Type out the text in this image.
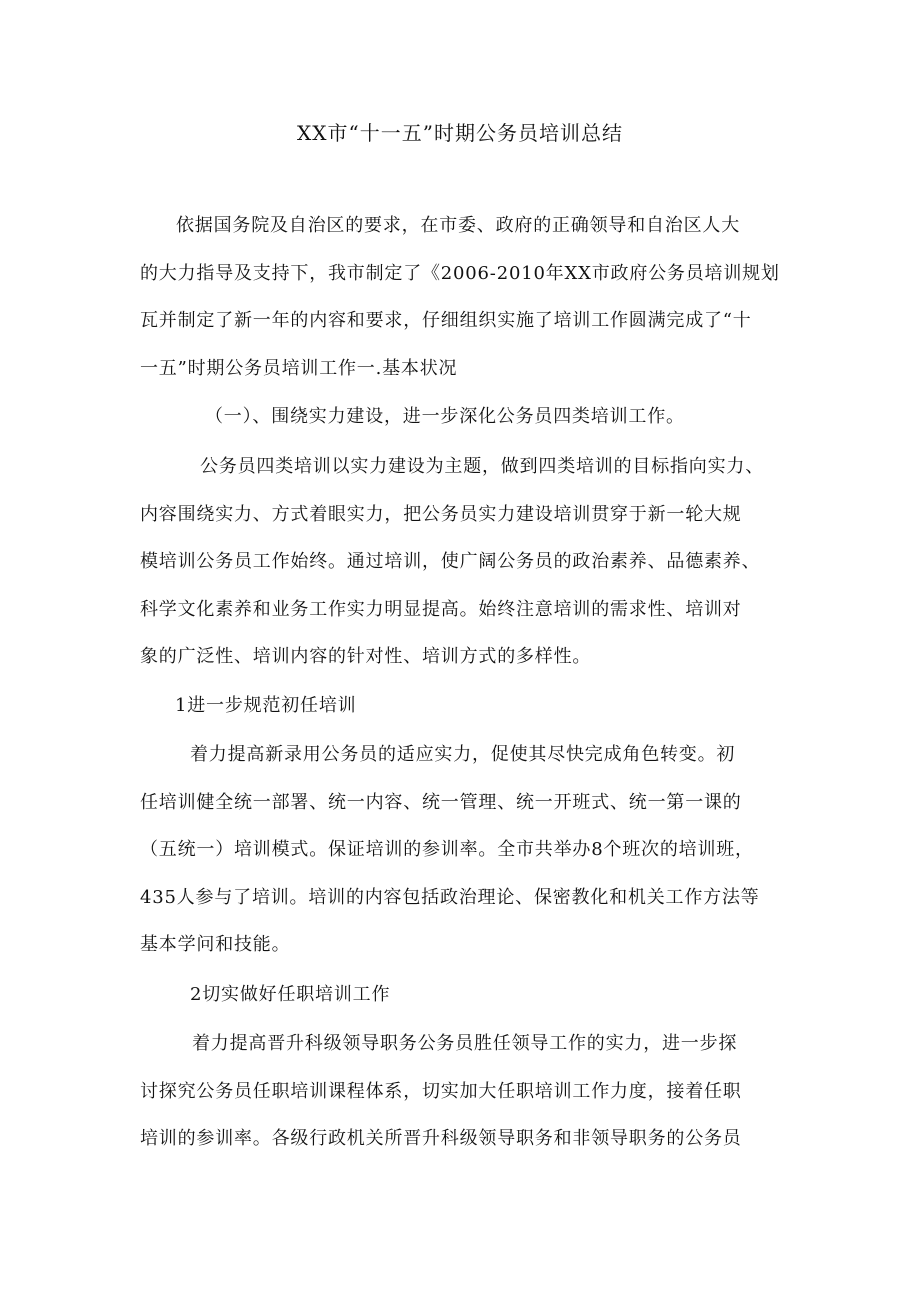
XX市“十一五”时期公务员培训总结
依据国务院及自治区的要求，在市委、政府的正确领导和自治区人大
的大力指导及支持下，我市制定了《2006-2010年XX市政府公务员培训规划
瓦并制定了新一年的内容和要求，仔细组织实施了培训工作圆满完成了“十
一五”时期公务员培训工作一.基本状况
（一）、围绕实力建设，进一步深化公务员四类培训工作。
公务员四类培训以实力建设为主题，做到四类培训的目标指向实力、
内容围绕实力、方式着眼实力，把公务员实力建设培训贯穿于新一轮大规
模培训公务员工作始终。通过培训，使广阔公务员的政治素养、品德素养、
科学文化素养和业务工作实力明显提高。始终注意培训的需求性、培训对
象的广泛性、培训内容的针对性、培训方式的多样性。
1进一步规范初任培训
着力提高新录用公务员的适应实力，促使其尽快完成角色转变。初
任培训健全统一部署、统一内容、统一管理、统一开班式、统一第一课的
（五统一）培训模式。保证培训的参训率。全市共举办8个班次的培训班，
435人参与了培训。培训的内容包括政治理论、保密教化和机关工作方法等
基本学问和技能。
2切实做好任职培训工作
着力提高晋升科级领导职务公务员胜任领导工作的实力，进一步探
讨探究公务员任职培训课程体系，切实加大任职培训工作力度，接着任职
培训的参训率。各级行政机关所晋升科级领导职务和非领导职务的公务员
